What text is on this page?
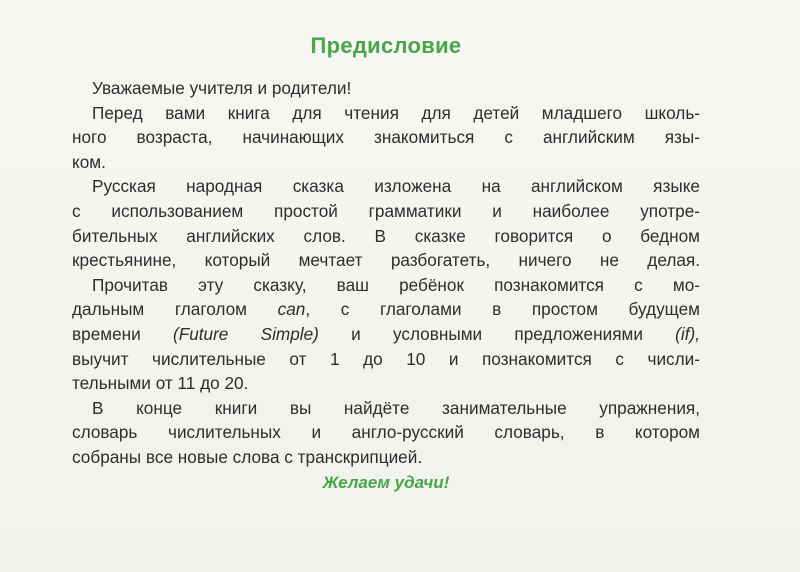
Предисловие
Уважаемые учителя и родители!
Перед вами книга для чтения для детей младшего школь-
ного возраста, начинающих знакомиться с английским язы-
ком.
Русская народная сказка изложена на английском языке
с использованием простой грамматики и наиболее употре-
бительных английских слов. В сказке говорится о бедном
крестьянине, который мечтает разбогатеть, ничего не делая.
Прочитав эту сказку, ваш ребёнок познакомится с мо-
дальным глаголом can, с глаголами в простом будущем
времени (Future Simple) и условными предложениями (if),
выучит числительные от 1 до 10 и познакомится с числи-
тельными от 11 до 20.
В конце книги вы найдёте занимательные упражнения,
словарь числительных и англо-русский словарь, в котором
собраны все новые слова с транскрипцией.
Желаем удачи!
